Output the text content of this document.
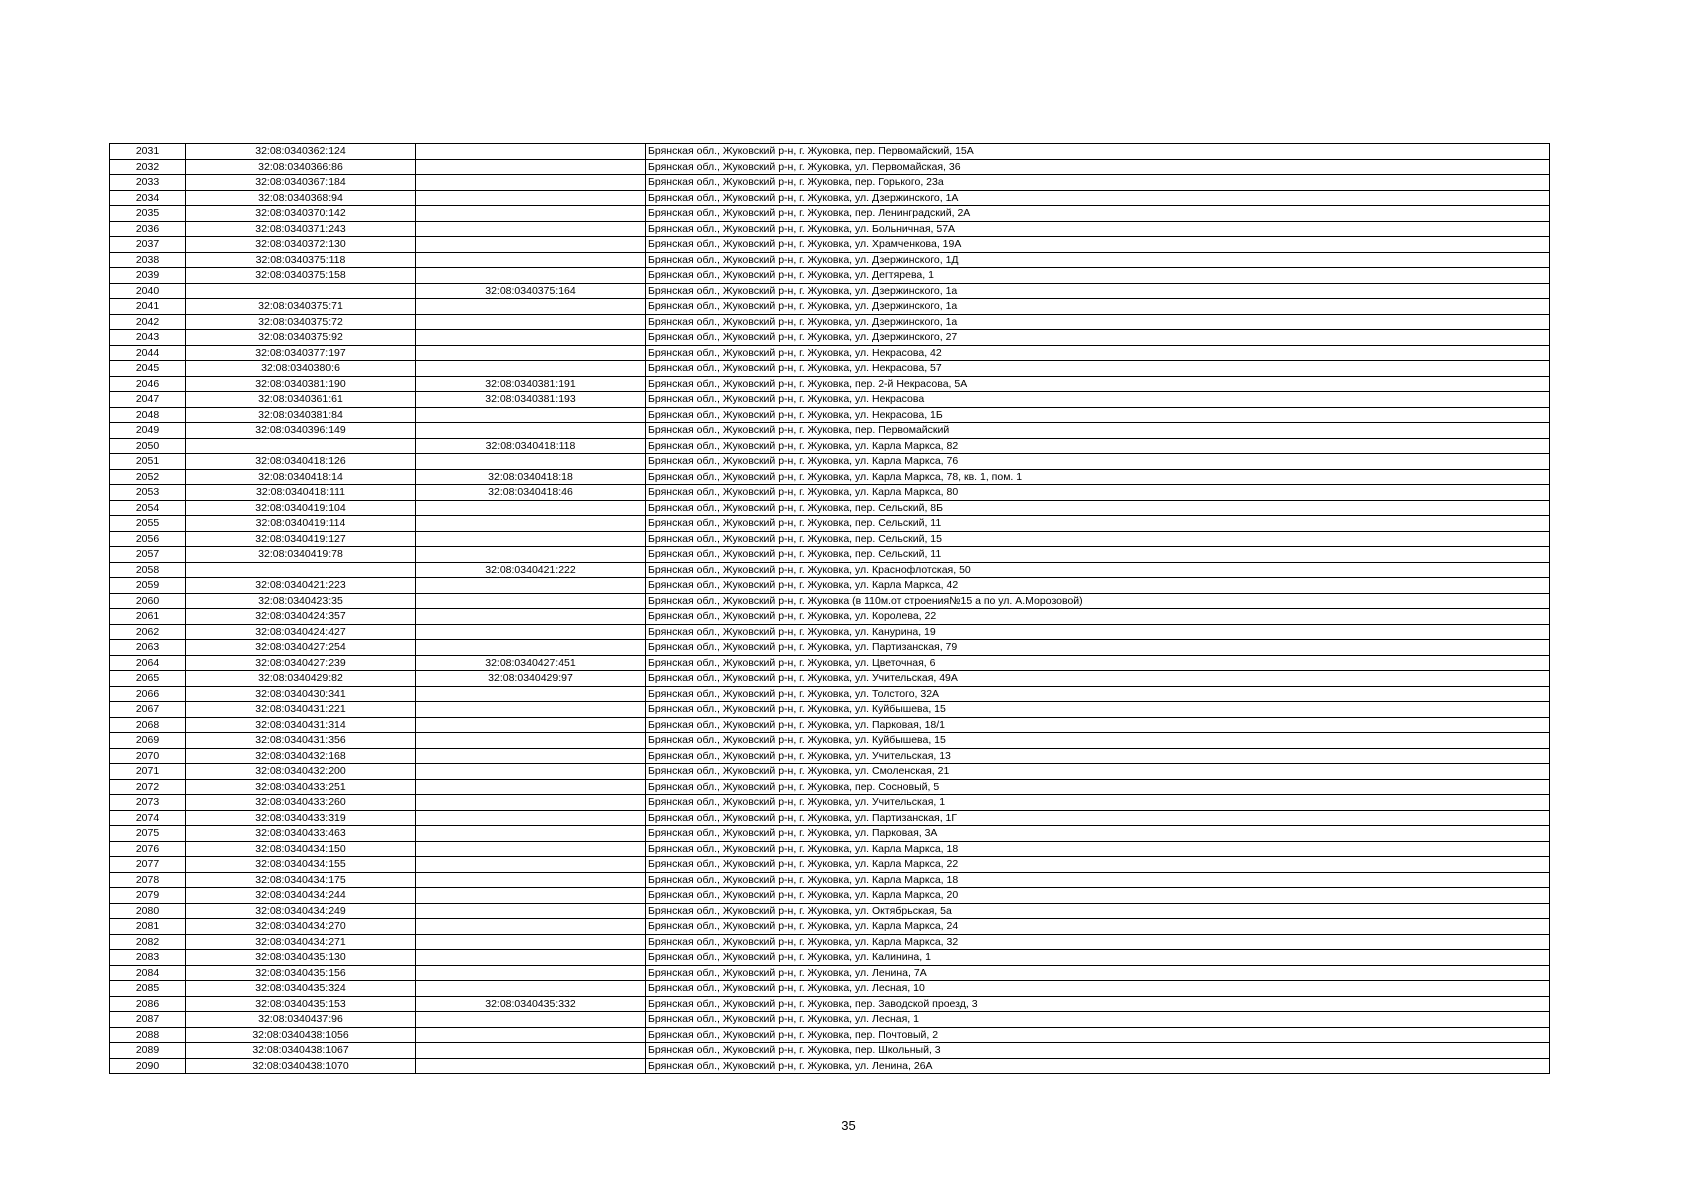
2031	32:08:0340362:124		Брянская обл., Жуковский р-н, г. Жуковка, пер. Первомайский, 15А
2032	32:08:0340366:86		Брянская обл., Жуковский р-н, г. Жуковка, ул. Первомайская, 36
2033	32:08:0340367:184		Брянская обл., Жуковский р-н, г. Жуковка, пер. Горького, 23а
2034	32:08:0340368:94		Брянская обл., Жуковский р-н, г. Жуковка, ул. Дзержинского, 1А
2035	32:08:0340370:142		Брянская обл., Жуковский р-н, г. Жуковка, пер. Ленинградский, 2А
2036	32:08:0340371:243		Брянская обл., Жуковский р-н, г. Жуковка, ул. Больничная, 57А
2037	32:08:0340372:130		Брянская обл., Жуковский р-н, г. Жуковка, ул. Храмченкова, 19А
2038	32:08:0340375:118		Брянская обл., Жуковский р-н, г. Жуковка, ул. Дзержинского, 1Д
2039	32:08:0340375:158		Брянская обл., Жуковский р-н, г. Жуковка, ул. Дегтярева, 1
2040		32:08:0340375:164	Брянская обл., Жуковский р-н, г. Жуковка, ул. Дзержинского, 1а
2041	32:08:0340375:71		Брянская обл., Жуковский р-н, г. Жуковка, ул. Дзержинского, 1а
2042	32:08:0340375:72		Брянская обл., Жуковский р-н, г. Жуковка, ул. Дзержинского, 1а
2043	32:08:0340375:92		Брянская обл., Жуковский р-н, г. Жуковка, ул. Дзержинского, 27
2044	32:08:0340377:197		Брянская обл., Жуковский р-н, г. Жуковка, ул. Некрасова, 42
2045	32:08:0340380:6		Брянская обл., Жуковский р-н, г. Жуковка, ул. Некрасова, 57
2046	32:08:0340381:190	32:08:0340381:191	Брянская обл., Жуковский р-н, г. Жуковка, пер. 2-й Некрасова, 5А
2047	32:08:0340361:61	32:08:0340381:193	Брянская обл., Жуковский р-н, г. Жуковка, ул. Некрасова
2048	32:08:0340381:84		Брянская обл., Жуковский р-н, г. Жуковка, ул. Некрасова, 1Б
2049	32:08:0340396:149		Брянская обл., Жуковский р-н, г. Жуковка, пер. Первомайский
2050		32:08:0340418:118	Брянская обл., Жуковский р-н, г. Жуковка, ул. Карла Маркса, 82
2051	32:08:0340418:126		Брянская обл., Жуковский р-н, г. Жуковка, ул. Карла Маркса, 76
2052	32:08:0340418:14	32:08:0340418:18	Брянская обл., Жуковский р-н, г. Жуковка, ул. Карла Маркса, 78, кв. 1, пом. 1
2053	32:08:0340418:111	32:08:0340418:46	Брянская обл., Жуковский р-н, г. Жуковка, ул. Карла Маркса, 80
2054	32:08:0340419:104		Брянская обл., Жуковский р-н, г. Жуковка, пер. Сельский, 8Б
2055	32:08:0340419:114		Брянская обл., Жуковский р-н, г. Жуковка, пер. Сельский, 11
2056	32:08:0340419:127		Брянская обл., Жуковский р-н, г. Жуковка, пер. Сельский, 15
2057	32:08:0340419:78		Брянская обл., Жуковский р-н, г. Жуковка, пер. Сельский, 11
2058		32:08:0340421:222	Брянская обл., Жуковский р-н, г. Жуковка, ул. Краснофлотская, 50
2059	32:08:0340421:223		Брянская обл., Жуковский р-н, г. Жуковка, ул. Карла Маркса, 42
2060	32:08:0340423:35		Брянская обл., Жуковский р-н, г. Жуковка (в 110м.от строения№15 а по ул. А.Морозовой)
2061	32:08:0340424:357		Брянская обл., Жуковский р-н, г. Жуковка, ул. Королева, 22
2062	32:08:0340424:427		Брянская обл., Жуковский р-н, г. Жуковка, ул. Канурина, 19
2063	32:08:0340427:254		Брянская обл., Жуковский р-н, г. Жуковка, ул. Партизанская, 79
2064	32:08:0340427:239	32:08:0340427:451	Брянская обл., Жуковский р-н, г. Жуковка, ул. Цветочная, 6
2065	32:08:0340429:82	32:08:0340429:97	Брянская обл., Жуковский р-н, г. Жуковка, ул. Учительская, 49А
2066	32:08:0340430:341		Брянская обл., Жуковский р-н, г. Жуковка, ул. Толстого, 32А
2067	32:08:0340431:221		Брянская обл., Жуковский р-н, г. Жуковка, ул. Куйбышева, 15
2068	32:08:0340431:314		Брянская обл., Жуковский р-н, г. Жуковка, ул. Парковая, 18/1
2069	32:08:0340431:356		Брянская обл., Жуковский р-н, г. Жуковка, ул. Куйбышева, 15
2070	32:08:0340432:168		Брянская обл., Жуковский р-н, г. Жуковка, ул. Учительская, 13
2071	32:08:0340432:200		Брянская обл., Жуковский р-н, г. Жуковка, ул. Смоленская, 21
2072	32:08:0340433:251		Брянская обл., Жуковский р-н, г. Жуковка, пер. Сосновый, 5
2073	32:08:0340433:260		Брянская обл., Жуковский р-н, г. Жуковка, ул. Учительская, 1
2074	32:08:0340433:319		Брянская обл., Жуковский р-н, г. Жуковка, ул. Партизанская, 1Г
2075	32:08:0340433:463		Брянская обл., Жуковский р-н, г. Жуковка, ул. Парковая, 3А
2076	32:08:0340434:150		Брянская обл., Жуковский р-н, г. Жуковка, ул. Карла Маркса, 18
2077	32:08:0340434:155		Брянская обл., Жуковский р-н, г. Жуковка, ул. Карла Маркса, 22
2078	32:08:0340434:175		Брянская обл., Жуковский р-н, г. Жуковка, ул. Карла Маркса, 18
2079	32:08:0340434:244		Брянская обл., Жуковский р-н, г. Жуковка, ул. Карла Маркса, 20
2080	32:08:0340434:249		Брянская обл., Жуковский р-н, г. Жуковка, ул. Октябрьская, 5а
2081	32:08:0340434:270		Брянская обл., Жуковский р-н, г. Жуковка, ул. Карла Маркса, 24
2082	32:08:0340434:271		Брянская обл., Жуковский р-н, г. Жуковка, ул. Карла Маркса, 32
2083	32:08:0340435:130		Брянская обл., Жуковский р-н, г. Жуковка, ул. Калинина, 1
2084	32:08:0340435:156		Брянская обл., Жуковский р-н, г. Жуковка, ул. Ленина, 7А
2085	32:08:0340435:324		Брянская обл., Жуковский р-н, г. Жуковка, ул. Лесная, 10
2086	32:08:0340435:153	32:08:0340435:332	Брянская обл., Жуковский р-н, г. Жуковка, пер. Заводской проезд, 3
2087	32:08:0340437:96		Брянская обл., Жуковский р-н, г. Жуковка, ул. Лесная, 1
2088	32:08:0340438:1056		Брянская обл., Жуковский р-н, г. Жуковка, пер. Почтовый, 2
2089	32:08:0340438:1067		Брянская обл., Жуковский р-н, г. Жуковка, пер. Школьный, 3
2090	32:08:0340438:1070		Брянская обл., Жуковский р-н, г. Жуковка, ул. Ленина, 26А
35
